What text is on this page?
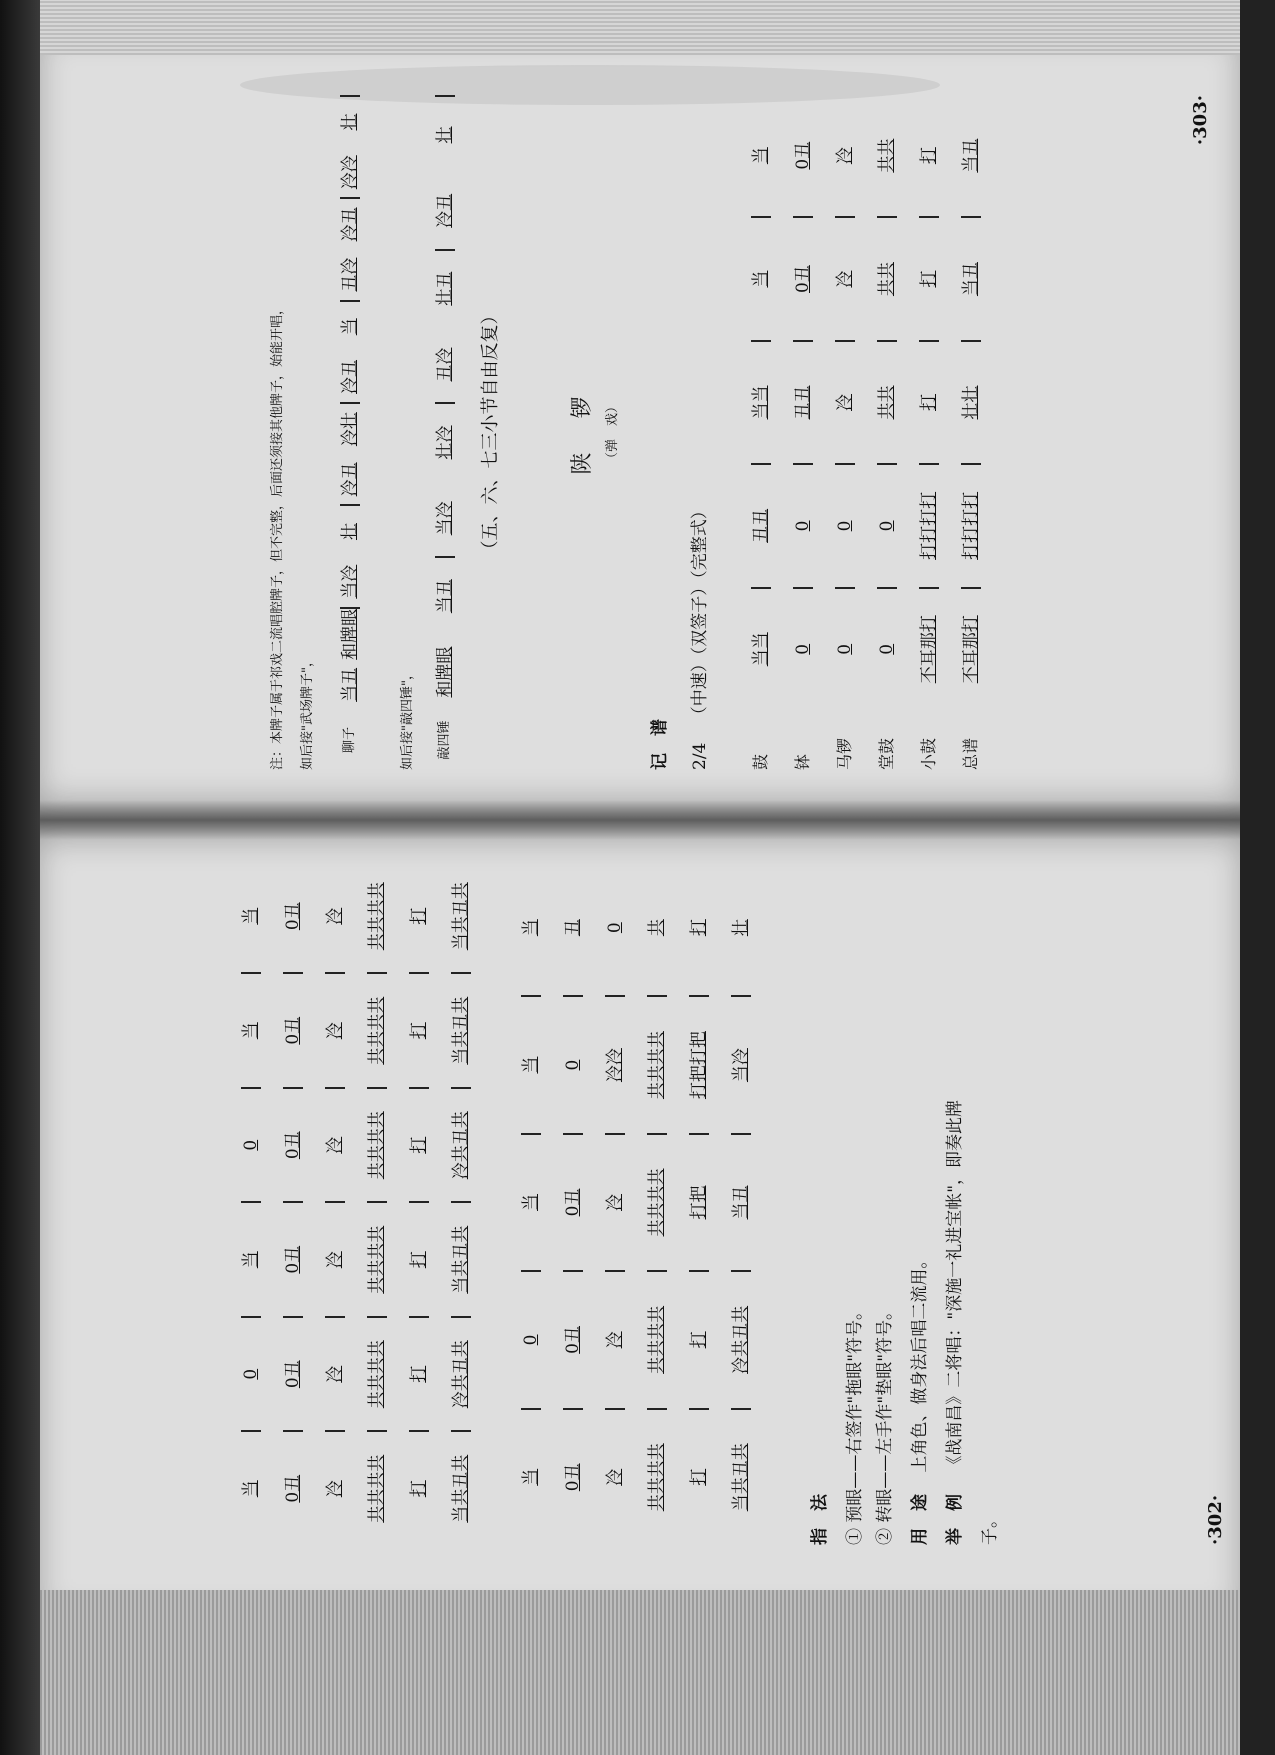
注：本牌子属于祁戏二流唱腔牌子，但不完整，后面还须接其他牌子，始能开唱， 如后接"武场牌子"， 聊子
当丑
和牌眼
当冷
壮
冷丑
冷壮
冷丑
当
丑冷
冷丑
冷冷
壮
如后接"敲四锤"， 敲四锤
和牌眼
当丑
当冷
壮冷
丑冷
壮丑
冷丑
壮
（五、六、七三小节自由反复）	陕　锣 （弹　戏）
记　谱 2/4 （中速）（双签子）（完整式）
鼓
当当
丑丑
当当
当
当
钵
0
0
丑丑
0丑
0丑
马锣
0
0
冷
冷
冷
堂鼓
0
0
共共
共共
共共
小鼓
不耳那打
打打打打
打
打
打
总谱
不耳那打
打打打打
壮壮
当丑
当丑
·303·
当
0
当
0
当
当
0丑
0丑
0丑
0丑
0丑
0丑
冷
冷
冷
冷
冷
冷
共共共共
共共共共
共共共共
共共共共
共共共共
共共共共
打
打
打
打
打
打
当共丑共
冷共丑共
当共丑共
冷共丑共
当共丑共
当共丑共
当
0
当
当
当
0丑
0丑
0丑
0
丑
冷
冷
冷
冷冷
0
共共共共
共共共共
共共共共
共共共共
共
打
打
打把
打把打把
打
当共丑共
冷共丑共
当丑
当冷
壮
指　法 ① 预眼——右签作"拖眼"符号。 ② 转眼——左手作"垫眼"符号。 用　途 上角色、做身法后唱二流用。
举　例 《战南昌》二将唱："深施一礼进宝帐"，即奏此牌
子。	·302·
